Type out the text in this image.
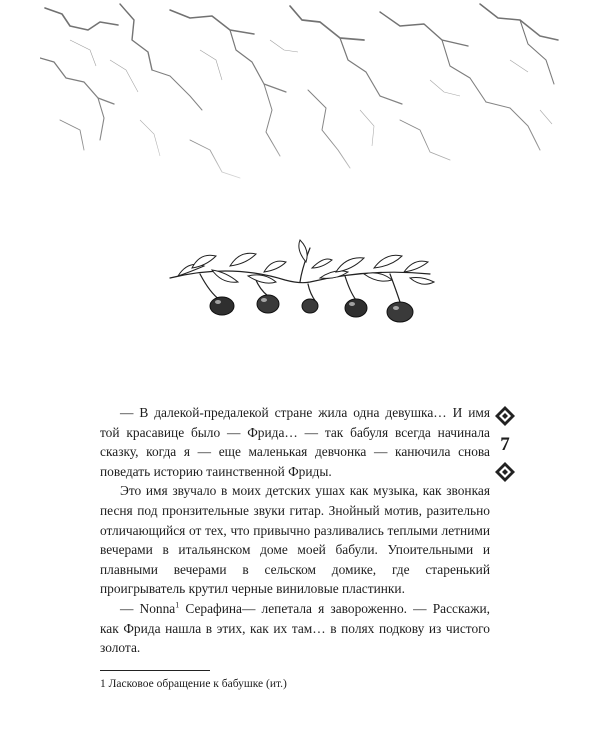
— В далекой-предалекой стране жила одна девушка… И имя той красавице было — Фрида… — так бабуля всегда начинала сказку, когда я — еще маленькая девчонка — канючила снова поведать историю таинственной Фриды.

Это имя звучало в моих детских ушах как музыка, как звонкая песня под пронзительные звуки гитар. Знойный мотив, разительно отличающийся от тех, что привычно разливались теплыми летними вечерами в итальянском доме моей бабули. Упоительными и плавными вечерами в сельском домике, где старенький проигрыватель крутил черные виниловые пластинки.

— Nonna$^1$ Серафина— лепетала я завороженно. — Расскажи, как Фрида нашла в этих, как их там… в полях подкову из чистого золота.

1 Ласковое обращение к бабушке (ит.)
7
